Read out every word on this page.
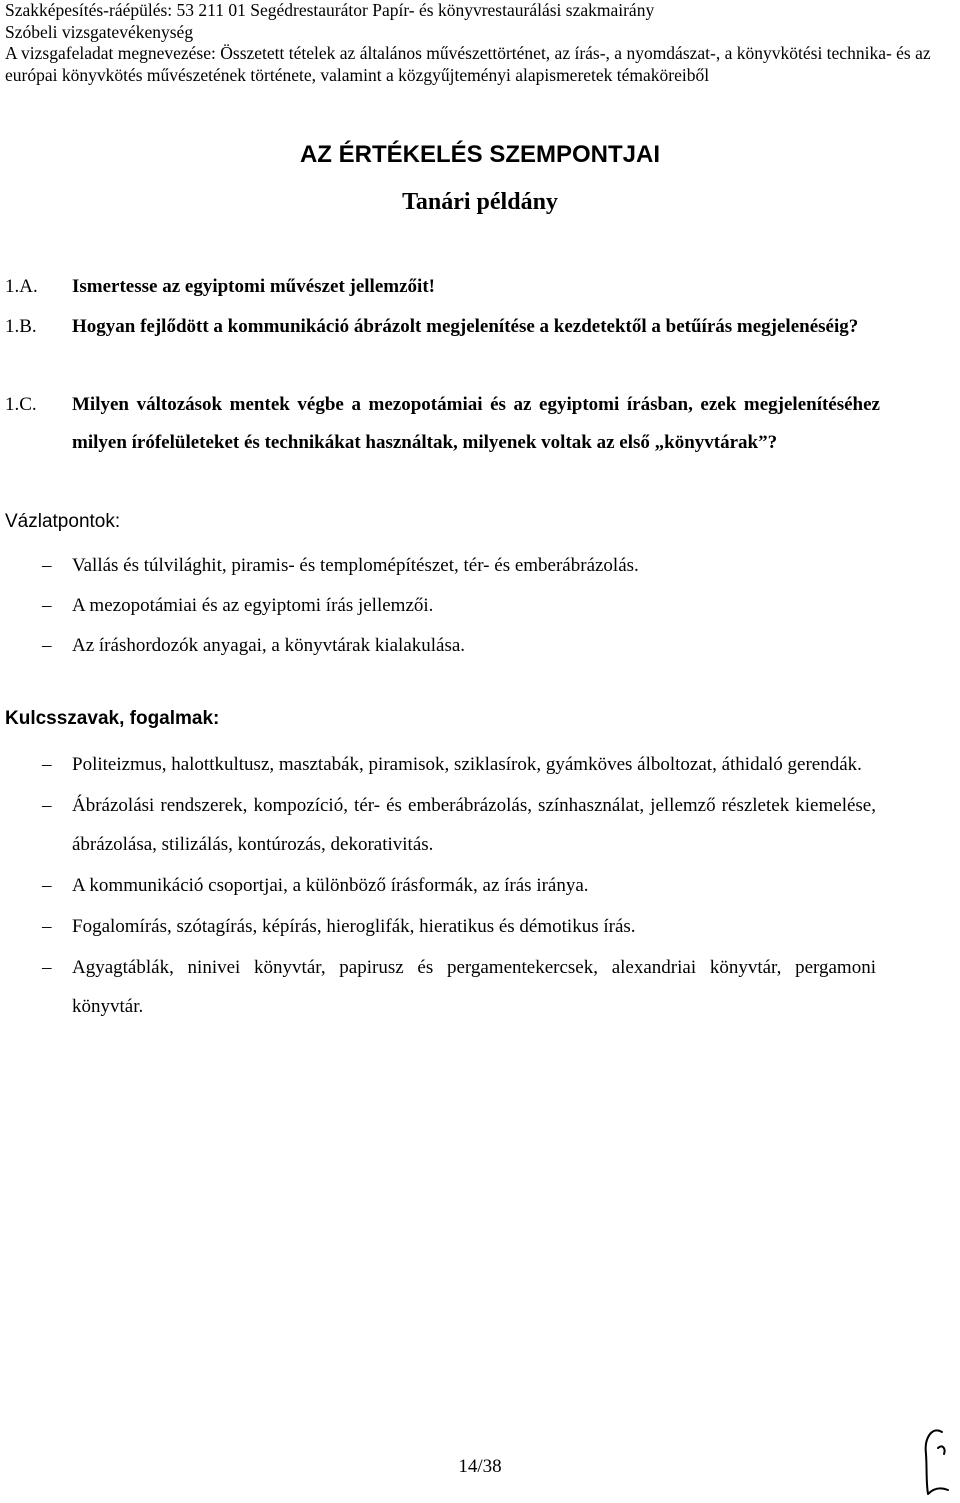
Szakképesítés-ráépülés: 53 211 01 Segédrestaurátor Papír- és könyvrestaurálási szakmairány
Szóbeli vizsgatevékenység
A vizsgafeladat megnevezése: Összetett tételek az általános művészettörténet, az írás-, a nyomdászat-, a könyvkötési technika- és az európai könyvkötés művészetének története, valamint a közgyűjteményi alapismeretek témaköreiből
AZ ÉRTÉKELÉS SZEMPONTJAI
Tanári példány
1.A. Ismertesse az egyiptomi művészet jellemzőit!
1.B. Hogyan fejlődött a kommunikáció ábrázolt megjelenítése a kezdetektől a betűírás megjelenéséig?
1.C. Milyen változások mentek végbe a mezopotámiai és az egyiptomi írásban, ezek megjelenítéséhez milyen írófelületeket és technikákat használtak, milyenek voltak az első „könyvtárak”?
Vázlatpontok:
– Vallás és túlvilághit, piramis- és templomépítészet, tér- és emberábrázolás.
– A mezopotámiai és az egyiptomi írás jellemzői.
– Az íráshordozók anyagai, a könyvtárak kialakulása.
Kulcsszavak, fogalmak:
– Politeizmus, halottkultusz, masztabák, piramisok, sziklasírok, gyámköves álboltozat, áthidaló gerendák.
– Ábrázolási rendszerek, kompozíció, tér- és emberábrázolás, színhasználat, jellemző részletek kiemelése, ábrázolása, stilizálás, kontúrozás, dekorativitás.
– A kommunikáció csoportjai, a különböző írásformák, az írás iránya.
– Fogalomírás, szótagírás, képírás, hieroglifák, hieratikus és démotikus írás.
– Agyagtáblák, ninivei könyvtár, papirusz és pergamentekercsek, alexandriai könyvtár, pergamoni könyvtár.
14/38
